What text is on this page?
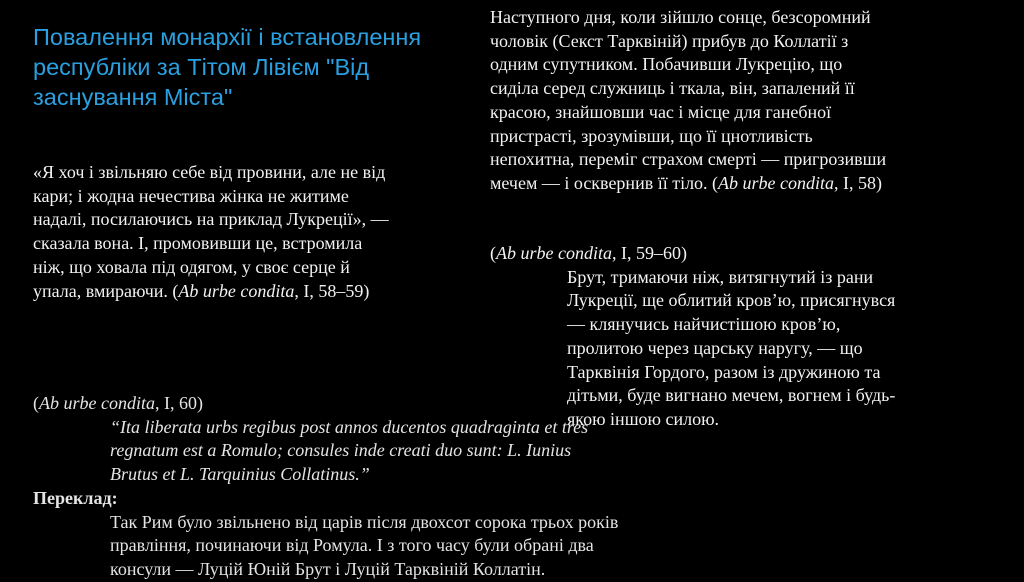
Повалення монархії і встановлення
республіки за Тітом Лівієм "Від
заснування Міста"
Наступного дня, коли зійшло сонце, безсоромний
чоловік (Секст Тарквіній) прибув до Коллатії з
одним супутником. Побачивши Лукрецію, що
сиділа серед служниць і ткала, він, запалений її
красою, знайшовши час і місце для ганебної
пристрасті, зрозумівши, що її цнотливість
непохитна, переміг страхом смерті — пригрозивши
мечем — і осквернив її тіло. (Ab urbe condita, I, 58)
«Я хоч і звільняю себе від провини, але не від
кари; і жодна нечестива жінка не житиме
надалі, посилаючись на приклад Лукреції», —
сказала вона. І, промовивши це, встромила
ніж, що ховала під одягом, у своє серце й
упала, вмираючи. (Ab urbe condita, I, 58–59)
(Ab urbe condita, I, 59–60)
Брут, тримаючи ніж, витягнутий із рани
Лукреції, ще облитий кров’ю, присягнувся
— клянучись найчистішою кров’ю,
пролитою через царську наругу, — що
Тарквінія Гордого, разом із дружиною та
дітьми, буде вигнано мечем, вогнем і будь-
якою іншою силою.
(Ab urbe condita, I, 60)
“Ita liberata urbs regibus post annos ducentos quadraginta et tres
regnatum est a Romulo; consules inde creati duo sunt: L. Iunius
Brutus et L. Tarquinius Collatinus.”
Переклад:
Так Рим було звільнено від царів після двохсот сорока трьох років
правління, починаючи від Ромула. І з того часу були обрані два
консули — Луцій Юній Брут і Луцій Тарквіній Коллатін.
